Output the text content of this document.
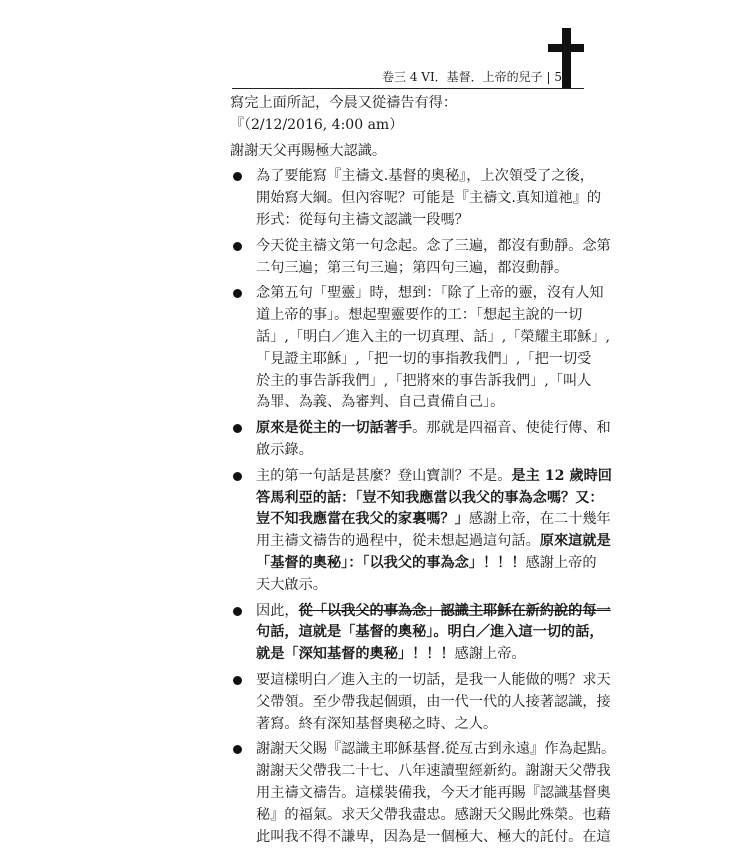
卷三 4 VI．基督．上帝的兒子 | 5
寫完上面所記，今晨又從禱告有得：
『（2/12/2016, 4:00 am）
謝謝天父再賜極大認識。
為了要能寫『主禱文.基督的奧秘』，上次領受了之後，
開始寫大綱。但內容呢？可能是『主禱文.真知道祂』的
形式：從每句主禱文認識一段嗎？
今天從主禱文第一句念起。念了三遍，都沒有動靜。念第
二句三遍；第三句三遍；第四句三遍，都沒動靜。
念第五句「聖靈」時，想到：「除了上帝的靈，沒有人知
道上帝的事」。想起聖靈要作的工：「想起主說的一切
話」,「明白／進入主的一切真理、話」,「榮耀主耶穌」,
「見證主耶穌」,「把一切的事指教我們」,「把一切受
於主的事告訴我們」,「把將來的事告訴我們」,「叫人
為罪、為義、為審判、自己責備自己」。
原來是從主的一切話著手。那就是四福音、使徒行傳、和
啟示錄。
主的第一句話是甚麼？登山寶訓？不是。是主 12 歲時回
答馬利亞的話：「豈不知我應當以我父的事為念嗎？又：
豈不知我應當在我父的家裏嗎？」感謝上帝，在二十幾年
用主禱文禱告的過程中，從未想起過這句話。原來這就是
「基督的奧秘」：「以我父的事為念」！！！感謝上帝的
天大啟示。
因此，從「以我父的事為念」認識主耶穌在新約說的每一
句話，這就是「基督的奧秘」。明白／進入這一切的話，
就是「深知基督的奧秘」！！！感謝上帝。
要這樣明白／進入主的一切話，是我一人能做的嗎？求天
父帶領。至少帶我起個頭，由一代一代的人接著認識，接
著寫。終有深知基督奧秘之時、之人。
謝謝天父賜『認識主耶穌基督.從亙古到永遠』作為起點。
謝謝天父帶我二十七、八年速讀聖經新約。謝謝天父帶我
用主禱文禱告。這樣裝備我，今天才能再賜『認識基督奧
秘』的福氣。求天父帶我盡忠。感謝天父賜此殊榮。也藉
此叫我不得不謙卑，因為是一個極大、極大的託付。在這
